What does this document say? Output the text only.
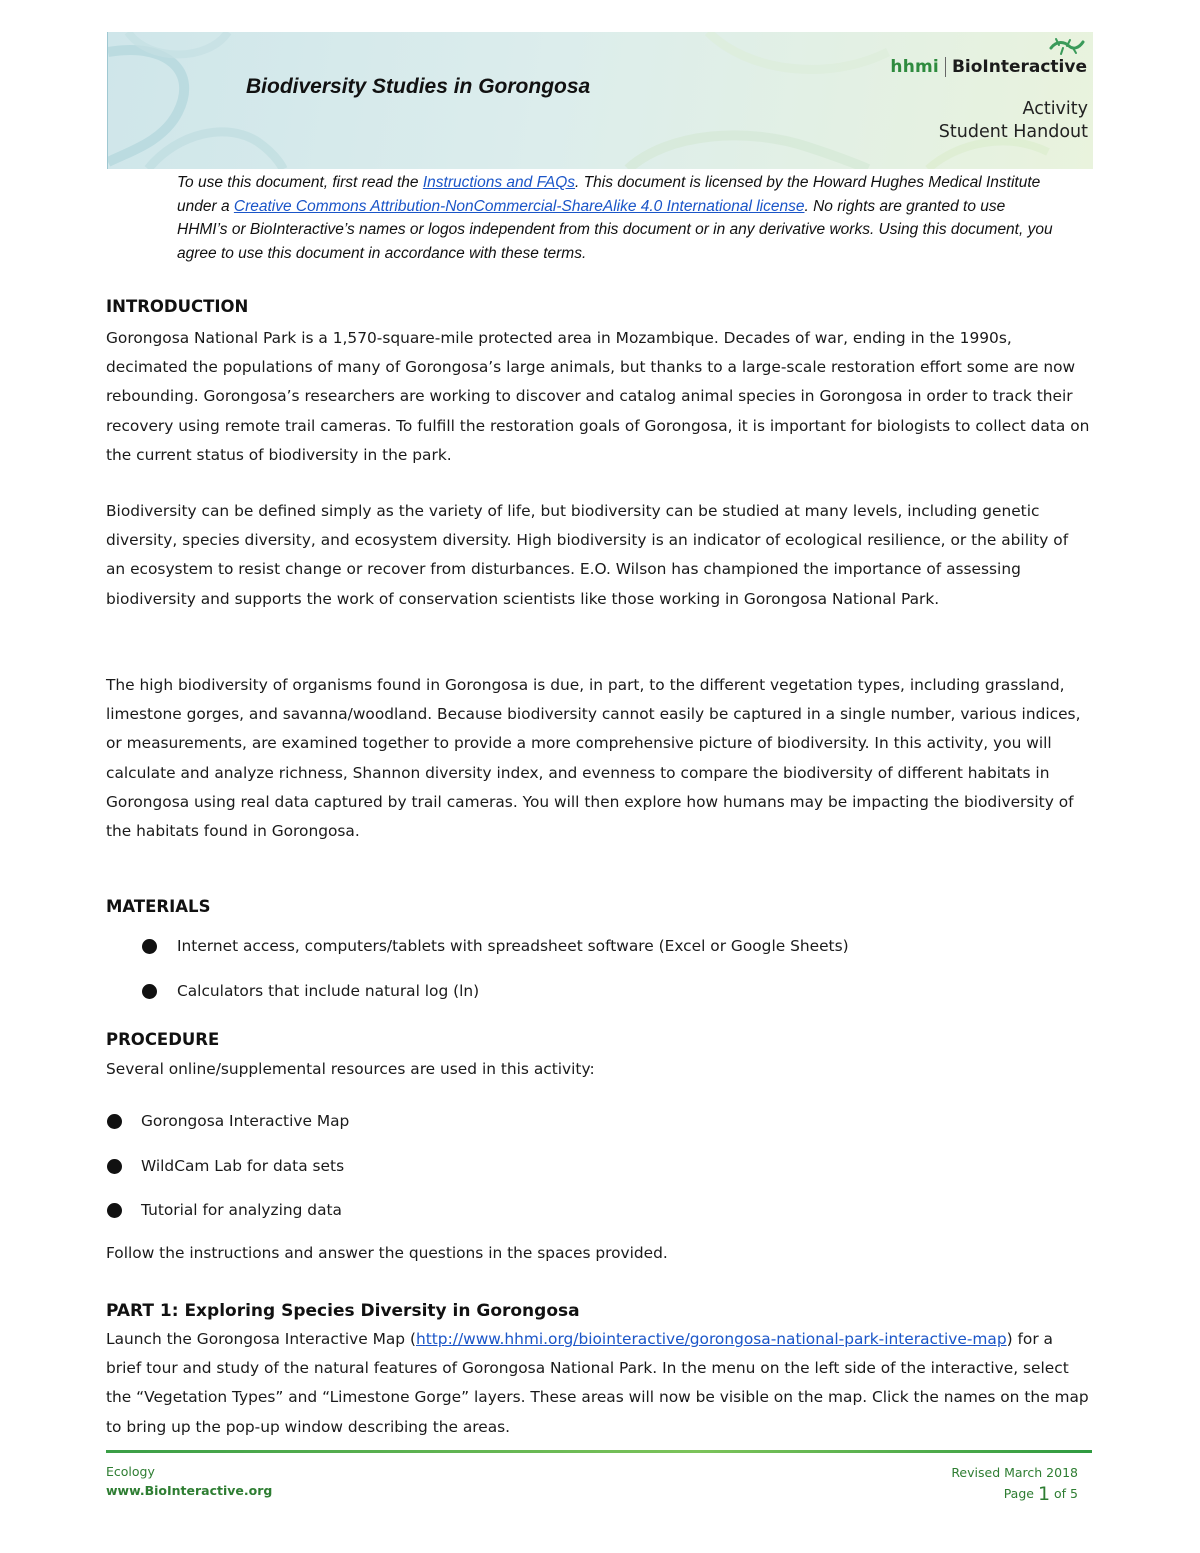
Biodiversity Studies in Gorongosa
hhmi BioInteractive
Activity
Student Handout
To use this document, first read the Instructions and FAQs. This document is licensed by the Howard Hughes Medical Institute under a Creative Commons Attribution-NonCommercial-ShareAlike 4.0 International license. No rights are granted to use HHMI’s or BioInteractive’s names or logos independent from this document or in any derivative works. Using this document, you agree to use this document in accordance with these terms.
INTRODUCTION
Gorongosa National Park is a 1,570-square-mile protected area in Mozambique. Decades of war, ending in the 1990s, decimated the populations of many of Gorongosa’s large animals, but thanks to a large-scale restoration effort some are now rebounding. Gorongosa’s researchers are working to discover and catalog animal species in Gorongosa in order to track their recovery using remote trail cameras. To fulfill the restoration goals of Gorongosa, it is important for biologists to collect data on the current status of biodiversity in the park.
Biodiversity can be defined simply as the variety of life, but biodiversity can be studied at many levels, including genetic diversity, species diversity, and ecosystem diversity. High biodiversity is an indicator of ecological resilience, or the ability of an ecosystem to resist change or recover from disturbances. E.O. Wilson has championed the importance of assessing biodiversity and supports the work of conservation scientists like those working in Gorongosa National Park.
The high biodiversity of organisms found in Gorongosa is due, in part, to the different vegetation types, including grassland, limestone gorges, and savanna/woodland. Because biodiversity cannot easily be captured in a single number, various indices, or measurements, are examined together to provide a more comprehensive picture of biodiversity. In this activity, you will calculate and analyze richness, Shannon diversity index, and evenness to compare the biodiversity of different habitats in Gorongosa using real data captured by trail cameras. You will then explore how humans may be impacting the biodiversity of the habitats found in Gorongosa.
MATERIALS
Internet access, computers/tablets with spreadsheet software (Excel or Google Sheets)
Calculators that include natural log (ln)
PROCEDURE
Several online/supplemental resources are used in this activity:
Gorongosa Interactive Map
WildCam Lab for data sets
Tutorial for analyzing data
Follow the instructions and answer the questions in the spaces provided.
PART 1: Exploring Species Diversity in Gorongosa
Launch the Gorongosa Interactive Map (http://www.hhmi.org/biointeractive/gorongosa-national-park-interactive-map) for a brief tour and study of the natural features of Gorongosa National Park. In the menu on the left side of the interactive, select the “Vegetation Types” and “Limestone Gorge” layers. These areas will now be visible on the map. Click the names on the map to bring up the pop-up window describing the areas.
Ecology
www.BioInteractive.org
Revised March 2018
Page 1 of 5
